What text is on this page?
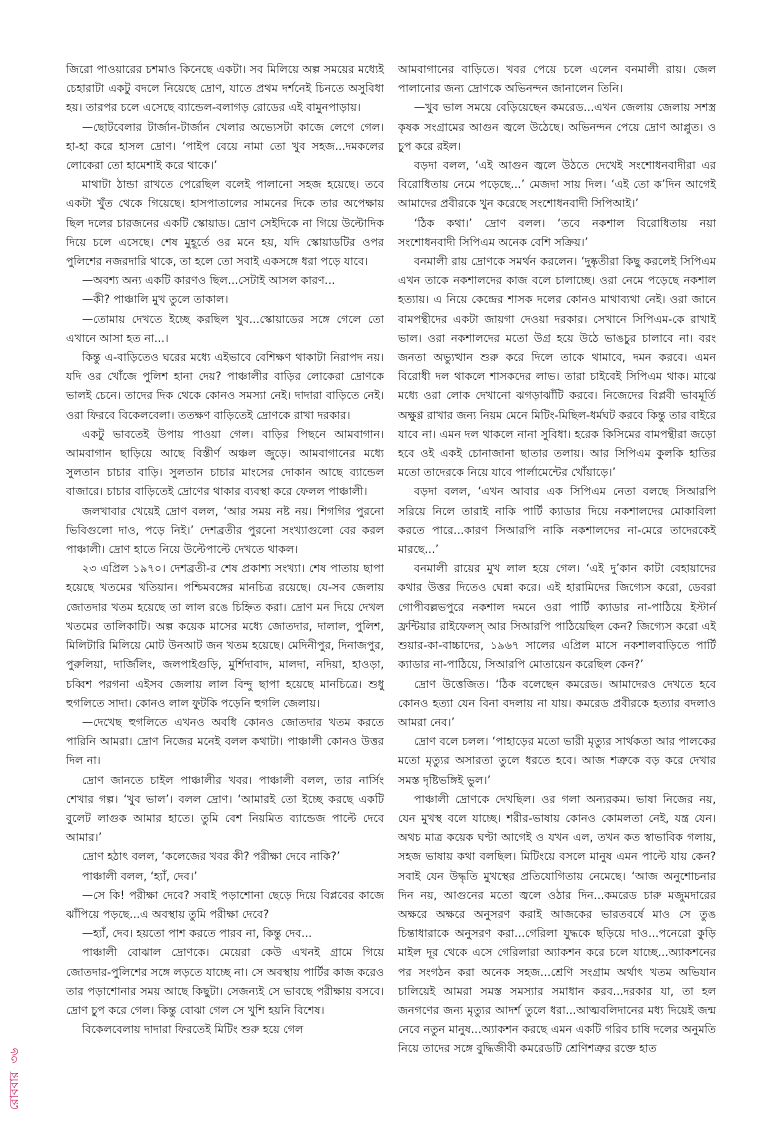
জিরো পাওয়ারের চশমাও কিনেছে একটা। সব মিলিয়ে অল্প সময়ের মধ্যেই চেহারাটা একটু বদলে নিয়েছে দ্রোণ, যাতে প্রথম দর্শনেই চিনতে অসুবিধা হয়। তারপর চলে এসেছে ব্যান্ডেল-বলাগড় রোডের এই বামুনপাড়ায়।

—ছোটবেলার টার্জান-টার্জান খেলার অভ্যেসটা কাজে লেগে গেল। হা-হা করে হাসল দ্রোণ। ‘পাইপ বেয়ে নামা তো খুব সহজ...দমকলের লোকেরা তো হামেশাই করে থাকে।’

মাথাটা ঠান্ডা রাখতে পেরেছিল বলেই পালানো সহজ হয়েছে। তবে একটা খুঁত থেকে গিয়েছে। হাসপাতালের সামনের দিকে তার অপেক্ষায় ছিল দলের চারজনের একটি স্কোয়াড। দ্রোণ সেইদিকে না গিয়ে উল্টোদিক দিয়ে চলে এসেছে। শেষ মুহূর্তে ওর মনে হয়, যদি স্কোয়াডটির ওপর পুলিশের নজরদারি থাকে, তা হলে তো সবাই একসঙ্গে ধরা পড়ে যাবে।

—অবশ্য অন্য একটি কারণও ছিল...সেটাই আসল কারণ...

—কী? পাঞ্চালি মুখ তুলে তাকাল।

—তোমায় দেখতে ইচ্ছে করছিল খুব...স্কোয়াডের সঙ্গে গেলে তো এখানে আসা হত না...।

কিন্তু এ-বাড়িতেও ঘরের মধ্যে এইভাবে বেশিক্ষণ থাকাটা নিরাপদ নয়। যদি ওর খোঁজে পুলিশ হানা দেয়? পাঞ্চালীর বাড়ির লোকেরা দ্রোণকে ভালই চেনে। তাদের দিক থেকে কোনও সমস্যা নেই। দাদারা বাড়িতে নেই। ওরা ফিরবে বিকেলবেলা। ততক্ষণ বাড়িতেই দ্রোণকে রাখা দরকার।

একটু ভাবতেই উপায় পাওয়া গেল। বাড়ির পিছনে আমবাগান। আমবাগান ছাড়িয়ে আছে বিস্তীর্ণ অঞ্চল জুড়ে। আমবাগানের মধ্যে সুলতান চাচার বাড়ি। সুলতান চাচার মাংসের দোকান আছে ব্যান্ডেল বাজারে। চাচার বাড়িতেই দ্রোণের থাকার ব্যবস্থা করে ফেলল পাঞ্চালী।

জলখাবার খেয়েই দ্রোণ বলল, ‘আর সময় নষ্ট নয়। শিগগির পুরনো ভিবিগুলো দাও, পড়ে নিই।’ দেশব্রতীর পুরনো সংখ্যাগুলো বের করল পাঞ্চালী। দ্রোণ হাতে নিয়ে উল্টেপাল্টে দেখতে থাকল।

২৩ এপ্রিল ১৯৭০। দেশব্রতী-র শেষ প্রকাশ্য সংখ্যা। শেষ পাতায় ছাপা হয়েছে খতমের খতিয়ান। পশ্চিমবঙ্গের মানচিত্র রয়েছে। যে-সব জেলায় জোতদার খতম হয়েছে তা লাল রঙে চিহ্নিত করা। দ্রোণ মন দিয়ে দেখল খতমের তালিকাটি। অল্প কয়েক মাসের মধ্যে জোতদার, দালাল, পুলিশ, মিলিটারি মিলিয়ে মোট উনআট জন খতম হয়েছে। মেদিনীপুর, দিনাজপুর, পুরুলিয়া, দার্জিলিং, জলপাইগুড়ি, মুর্শিদাবাদ, মালদা, নদিয়া, হাওড়া, চব্বিশ পরগনা এইসব জেলায় লাল বিন্দু ছাপা হয়েছে মানচিত্রে। শুধু হুগলিতে সাদা। কোনও লাল ফুটকি পড়েনি হুগলি জেলায়।

—দেখেছ হুগলিতে এখনও অবধি কোনও জোতদার খতম করতে পারিনি আমরা। দ্রোণ নিজের মনেই বলল কথাটা। পাঞ্চালী কোনও উত্তর দিল না।

দ্রোণ জানতে চাইল পাঞ্চালীর খবর। পাঞ্চালী বলল, তার নার্সিং শেখার গল্প। ‘খুব ভাল’। বলল দ্রোণ। ‘আমারই তো ইচ্ছে করছে একটি বুলেট লাগুক আমার হাতে। তুমি বেশ নিয়মিত ব্যান্ডেজ পাল্টে দেবে আমার।’

দ্রোণ হঠাৎ বলল, ‘কলেজের খবর কী? পরীক্ষা দেবে নাকি?’

পাঞ্চালী বলল, ‘হ্যাঁ, দেব।’

—সে কি! পরীক্ষা দেবে? সবাই পড়াশোনা ছেড়ে দিয়ে বিপ্লবের কাজে ঝাঁপিয়ে পড়ছে...এ অবস্থায় তুমি পরীক্ষা দেবে?

—হ্যাঁ, দেব। হয়তো পাশ করতে পারব না, কিন্তু দেব...

পাঞ্চালী বোঝাল দ্রোণকে। মেয়েরা কেউ এখনই গ্রামে গিয়ে জোতদার-পুলিশের সঙ্গে লড়তে যাচ্ছে না। সে অবস্থায় পার্টির কাজ করেও তার পড়াশোনার সময় আছে কিছুটা। সেজন্যই সে ভাবছে পরীক্ষায় বসবে। দ্রোণ চুপ করে গেল। কিন্তু বোঝা গেল সে খুশি হয়নি বিশেষ।

বিকেলবেলায় দাদারা ফিরতেই মিটিং শুরু হয়ে গেল

আমবাগানের বাড়িতে। খবর পেয়ে চলে এলেন বনমালী রায়। জেল পালানোর জন্য দ্রোণকে অভিনন্দন জানালেন তিনি।

—খুব ভাল সময়ে বেড়িয়েছেন কমরেড...এখন জেলায় জেলায় সশস্ত্র কৃষক সংগ্রামের আগুন জ্বলে উঠেছে। অভিনন্দন পেয়ে দ্রোণ আপ্লুত। ও চুপ করে রইল।

বড়দা বলল, ‘এই আগুন জ্বলে উঠতে দেখেই সংশোধনবাদীরা এর বিরোধিতায় নেমে পড়েছে...’ মেজদা সায় দিল। ‘এই তো ক’দিন আগেই আমাদের প্রবীরকে খুন করেছে সংশোধনবাদী সিপিআই।’

‘ঠিক কথা।’ দ্রোণ বলল। ‘তবে নকশাল বিরোধিতায় নয়া সংশোধনবাদী সিপিএম অনেক বেশি সক্রিয়।’

বনমালী রায় দ্রোণকে সমর্থন করলেন। ‘দুষ্কৃতীরা কিছু করলেই সিপিএম এখন তাকে নকশালদের কাজ বলে চালাচ্ছে। ওরা নেমে পড়েছে নকশাল হত্যায়। এ নিয়ে কেন্দ্রের শাসক দলের কোনও মাথাব্যথা নেই। ওরা জানে বামপন্থীদের একটা জায়গা দেওয়া দরকার। সেখানে সিপিএম-কে রাখাই ভাল। ওরা নকশালদের মতো উগ্র হয়ে উঠে ভাঙচুর চালাবে না। বরং জনতা অভ্যুত্থান শুরু করে দিলে তাকে থামাবে, দমন করবে। এমন বিরোধী দল থাকলে শাসকদের লাভ। তারা চাইবেই সিপিএম থাক। মাঝে মধ্যে ওরা লোক দেখানো ঝগড়াঝাঁটি করবে। নিজেদের বিপ্লবী ভাবমূর্তি অক্ষুণ্ণ রাখার জন্য নিয়ম মেনে মিটিং-মিছিল-ধর্মঘট করবে কিন্তু তার বাইরে যাবে না। এমন দল থাকলে নানা সুবিধা। হরেক কিসিমের বামপন্থীরা জড়ো হবে ওই একই চোনাজানা ছাতার তলায়। আর সিপিএম কুলকি হাতির মতো তাদেরকে নিয়ে যাবে পার্লামেন্টের খোঁয়াড়ে।’

বড়দা বলল, ‘এখন আবার এক সিপিএম নেতা বলছে সিআরপি সরিয়ে নিলে তারাই নাকি পার্টি ক্যাডার দিয়ে নকশালদের মোকাবিলা করতে পারে...কারণ সিআরপি নাকি নকশালদের না-মেরে তাদেরকেই মারছে...’

বনমালী রায়ের মুখ লাল হয়ে গেল। ‘এই দু’কান কাটা বেহায়াদের কথার উত্তর দিতেও ঘেন্না করে। এই হারামিদের জিগ্যেস করো, ডেবরা গোপীবল্লভপুরে নকশাল দমনে ওরা পার্টি ক্যাডার না-পাঠিয়ে ইস্টার্ন ফ্রন্টিয়ার রাইফেলস্ আর সিআরপি পাঠিয়েছিল কেন? জিগ্যেস করো এই শুয়ার-কা-বাচ্চাদের, ১৯৬৭ সালের এপ্রিল মাসে নকশালবাড়িতে পার্টি ক্যাডার না-পাঠিয়ে, সিআরপি মোতায়েন করেছিল কেন?’

দ্রোণ উত্তেজিত। ‘ঠিক বলেছেন কমরেড। আমাদেরও দেখতে হবে কোনও হত্যা যেন বিনা বদলায় না যায়। কমরেড প্রবীরকে হত্যার বদলাও আমরা নেব।’

দ্রোণ বলে চলল। ‘পাহাড়ের মতো ভারী মৃত্যুর সার্থকতা আর পালকের মতো মৃত্যুর অসারতা তুলে ধরতে হবে। আজ শত্রুকে বড় করে দেখার সমস্ত দৃষ্টিভঙ্গিই ভুল।’

পাঞ্চালী দ্রোণকে দেখছিল। ওর গলা অন্যরকম। ভাষা নিজের নয়, যেন মুখস্থ বলে যাচ্ছে। শরীর-ভাষায় কোনও কোমলতা নেই, যন্ত্র যেন। অথচ মাত্র কয়েক ঘণ্টা আগেই ও যখন এল, তখন কত স্বাভাবিক গলায়, সহজ ভাষায় কথা বলছিল। মিটিংয়ে বসলে মানুষ এমন পাল্টে যায় কেন? সবাই যেন উদ্ধৃতি মুখস্থের প্রতিযোগিতায় নেমেছে। ‘আজ অনুশোচনার দিন নয়, আগুনের মতো জ্বলে ওঠার দিন...কমরেড চারু মজুমদারের অক্ষরে অক্ষরে অনুসরণ করাই আজকের ভারতবর্ষে মাও সে তুঙ চিন্তাধারাকে অনুসরণ করা...গেরিলা যুদ্ধকে ছড়িয়ে দাও...পনেরো কুড়ি মাইল দূর থেকে এসে গেরিলারা অ্যাকশন করে চলে যাচ্ছে...অ্যাকশনের পর সংগঠন করা অনেক সহজ...শ্রেণি সংগ্রাম অর্থাৎ খতম অভিযান চালিয়েই আমরা সমস্ত সমস্যার সমাধান করব...দরকার যা, তা হল জনগণের জন্য মৃত্যুর আদর্শ তুলে ধরা...আত্মবলিদানের মধ্য দিয়েই জন্ম নেবে নতুন মানুষ...অ্যাকশন করছে এমন একটি গরিব চাষি দলের অনুমতি নিয়ে তাদের সঙ্গে বুদ্ধিজীবী কমরেডটি শ্রেণিশত্রুর রক্তে হাত

রোববার৩৬
